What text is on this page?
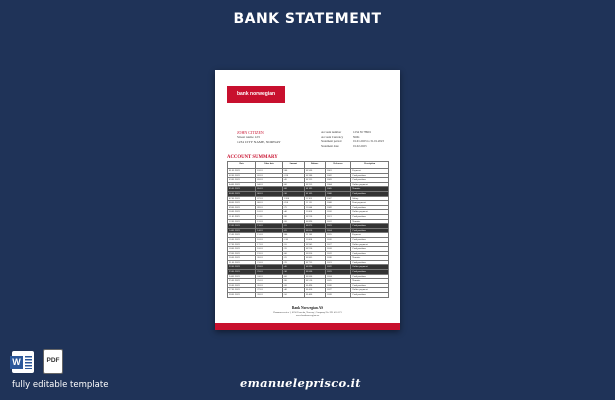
BANK STATEMENT
bank norwegian
JOHN CITIZEN
Street name 123
1234 CITY NAME, NORWAY
Account number	1234 56 78901
Account Currency	NOK
Statement period	01.01.2023 to 31.01.2023
Statement date	01.02.2023
ACCOUNT SUMMARY
Date	Value date	Amount	Balance	Reference	Description
01.01.2023	01.01	500	10 500	1001	Payment
02.01.2023	02.01	-120	10 380	1002	Card purchase
03.01.2023	03.01	-45	10 335	1003	Card purchase
04.01.2023	04.01	-80	10 255	1004	Online payment
05.01.2023	05.01	-60	10 195	1005	Transfer
06.01.2023	06.01	-30	10 165	1006	Card purchase
07.01.2023	07.01	1 200	11 365	1007	Salary
08.01.2023	08.01	-250	11 115	1008	Rent payment
09.01.2023	09.01	-75	11 040	1009	Card purchase
10.01.2023	10.01	-40	11 000	1010	Online payment
11.01.2023	11.01	-90	10 910	1011	Card purchase
12.01.2023	12.01	-20	10 890	1012	Transfer
13.01.2023	13.01	-15	10 875	1013	Card purchase
14.01.2023	14.01	-65	10 810	1014	Card purchase
15.01.2023	15.01	300	11 110	1015	Payment
16.01.2023	16.01	-110	11 000	1016	Card purchase
17.01.2023	17.01	-55	10 945	1017	Online payment
18.01.2023	18.01	-35	10 910	1018	Card purchase
19.01.2023	19.01	-80	10 830	1019	Card purchase
20.01.2023	20.01	-25	10 805	1020	Transfer
21.01.2023	21.01	-70	10 735	1021	Card purchase
22.01.2023	22.01	-45	10 690	1022	Online payment
23.01.2023	23.01	-30	10 660	1023	Card purchase
24.01.2023	24.01	-60	10 600	1024	Card purchase
25.01.2023	25.01	-90	10 510	1025	Transfer
26.01.2023	26.01	-20	10 490	1026	Card purchase
27.01.2023	27.01	-40	10 450	1027	Online payment
28.01.2023	28.01	-50	10 400	1028	Card purchase
Bank Norwegian AS
Drammensveien 1, 0250 Fornebu, Norway | Company No. 991 455 671
www.banknorwegian.no
W	PDF
fully editable template	emanueleprisco.it
